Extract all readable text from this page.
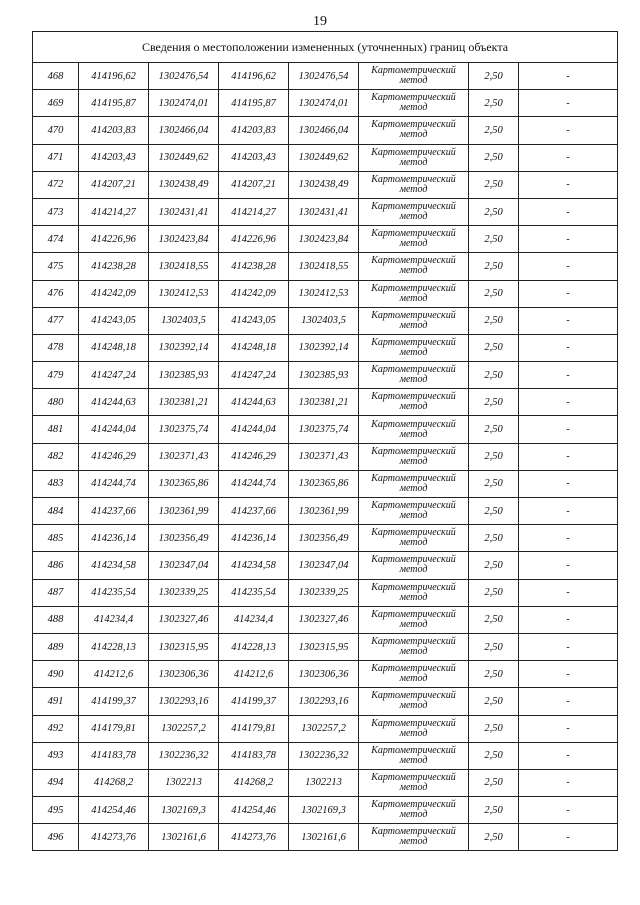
19
Сведения о местоположении измененных (уточненных) границ объекта							
468	414196,62	1302476,54	414196,62	1302476,54	Картометрический метод	2,50	-
469	414195,87	1302474,01	414195,87	1302474,01	Картометрический метод	2,50	-
470	414203,83	1302466,04	414203,83	1302466,04	Картометрический метод	2,50	-
471	414203,43	1302449,62	414203,43	1302449,62	Картометрический метод	2,50	-
472	414207,21	1302438,49	414207,21	1302438,49	Картометрический метод	2,50	-
473	414214,27	1302431,41	414214,27	1302431,41	Картометрический метод	2,50	-
474	414226,96	1302423,84	414226,96	1302423,84	Картометрический метод	2,50	-
475	414238,28	1302418,55	414238,28	1302418,55	Картометрический метод	2,50	-
476	414242,09	1302412,53	414242,09	1302412,53	Картометрический метод	2,50	-
477	414243,05	1302403,5	414243,05	1302403,5	Картометрический метод	2,50	-
478	414248,18	1302392,14	414248,18	1302392,14	Картометрический метод	2,50	-
479	414247,24	1302385,93	414247,24	1302385,93	Картометрический метод	2,50	-
480	414244,63	1302381,21	414244,63	1302381,21	Картометрический метод	2,50	-
481	414244,04	1302375,74	414244,04	1302375,74	Картометрический метод	2,50	-
482	414246,29	1302371,43	414246,29	1302371,43	Картометрический метод	2,50	-
483	414244,74	1302365,86	414244,74	1302365,86	Картометрический метод	2,50	-
484	414237,66	1302361,99	414237,66	1302361,99	Картометрический метод	2,50	-
485	414236,14	1302356,49	414236,14	1302356,49	Картометрический метод	2,50	-
486	414234,58	1302347,04	414234,58	1302347,04	Картометрический метод	2,50	-
487	414235,54	1302339,25	414235,54	1302339,25	Картометрический метод	2,50	-
488	414234,4	1302327,46	414234,4	1302327,46	Картометрический метод	2,50	-
489	414228,13	1302315,95	414228,13	1302315,95	Картометрический метод	2,50	-
490	414212,6	1302306,36	414212,6	1302306,36	Картометрический метод	2,50	-
491	414199,37	1302293,16	414199,37	1302293,16	Картометрический метод	2,50	-
492	414179,81	1302257,2	414179,81	1302257,2	Картометрический метод	2,50	-
493	414183,78	1302236,32	414183,78	1302236,32	Картометрический метод	2,50	-
494	414268,2	1302213	414268,2	1302213	Картометрический метод	2,50	-
495	414254,46	1302169,3	414254,46	1302169,3	Картометрический метод	2,50	-
496	414273,76	1302161,6	414273,76	1302161,6	Картометрический метод	2,50	-
